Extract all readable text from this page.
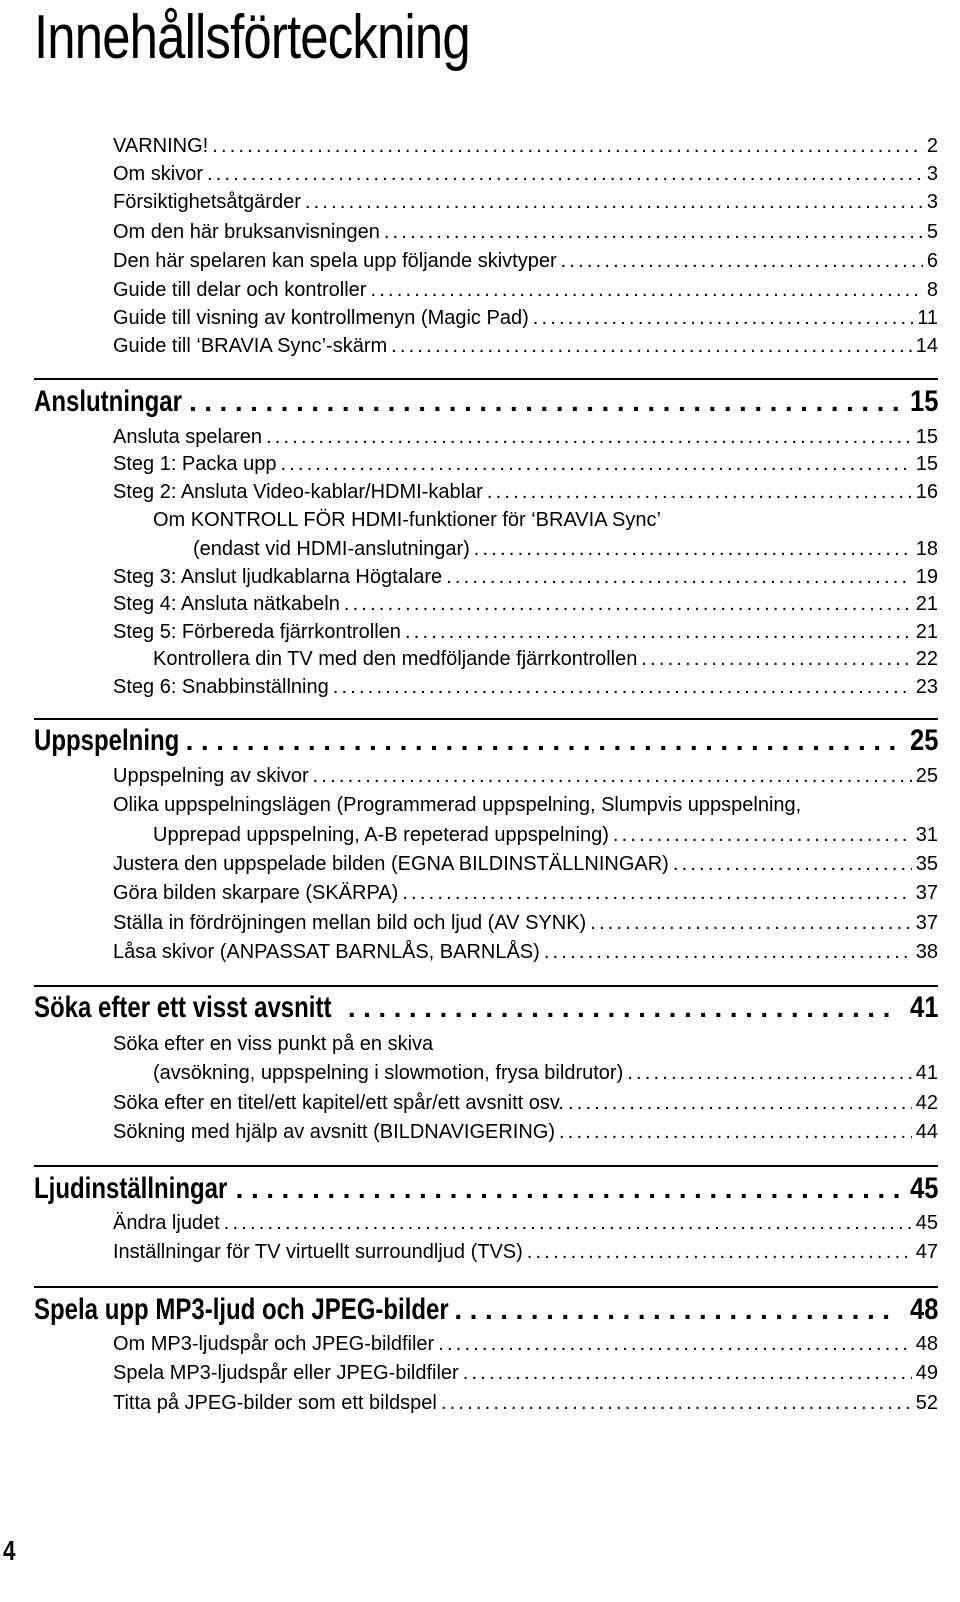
Innehållsförteckning
VARNING! .....	2
Om skivor .....	3
Försiktighetsåtgärder .....	3
Om den här bruksanvisningen .....	5
Den här spelaren kan spela upp följande skivtyper .....	6
Guide till delar och kontroller .....	8
Guide till visning av kontrollmenyn (Magic Pad) .....	11
Guide till ‘BRAVIA Sync’-skärm .....	14
Anslutningar .....	15
Ansluta spelaren .....	15
Steg 1: Packa upp .....	15
Steg 2: Ansluta Video-kablar/HDMI-kablar .....	16
Om KONTROLL FÖR HDMI-funktioner för ‘BRAVIA Sync’
(endast vid HDMI-anslutningar) .....	18
Steg 3: Anslut ljudkablarna Högtalare .....	19
Steg 4: Ansluta nätkabeln .....	21
Steg 5: Förbereda fjärrkontrollen .....	21
Kontrollera din TV med den medföljande fjärrkontrollen .....	22
Steg 6: Snabbinställning .....	23
Uppspelning .....	25
Uppspelning av skivor .....	25
Olika uppspelningslägen (Programmerad uppspelning, Slumpvis uppspelning,
Upprepad uppspelning, A-B repeterad uppspelning) .....	31
Justera den uppspelade bilden (EGNA BILDINSTÄLLNINGAR) .....	35
Göra bilden skarpare (SKÄRPA) .....	37
Ställa in fördröjningen mellan bild och ljud (AV SYNK) .....	37
Låsa skivor (ANPASSAT BARNLÅS, BARNLÅS) .....	38
Söka efter ett visst avsnitt .....	41
Söka efter en viss punkt på en skiva
(avsökning, uppspelning i slowmotion, frysa bildrutor) .....	41
Söka efter en titel/ett kapitel/ett spår/ett avsnitt osv. .....	42
Sökning med hjälp av avsnitt (BILDNAVIGERING) .....	44
Ljudinställningar .....	45
Ändra ljudet .....	45
Inställningar för TV virtuellt surroundljud (TVS) .....	47
Spela upp MP3-ljud och JPEG-bilder .....	48
Om MP3-ljudspår och JPEG-bildfiler .....	48
Spela MP3-ljudspår eller JPEG-bildfiler .....	49
Titta på JPEG-bilder som ett bildspel .....	52
4
